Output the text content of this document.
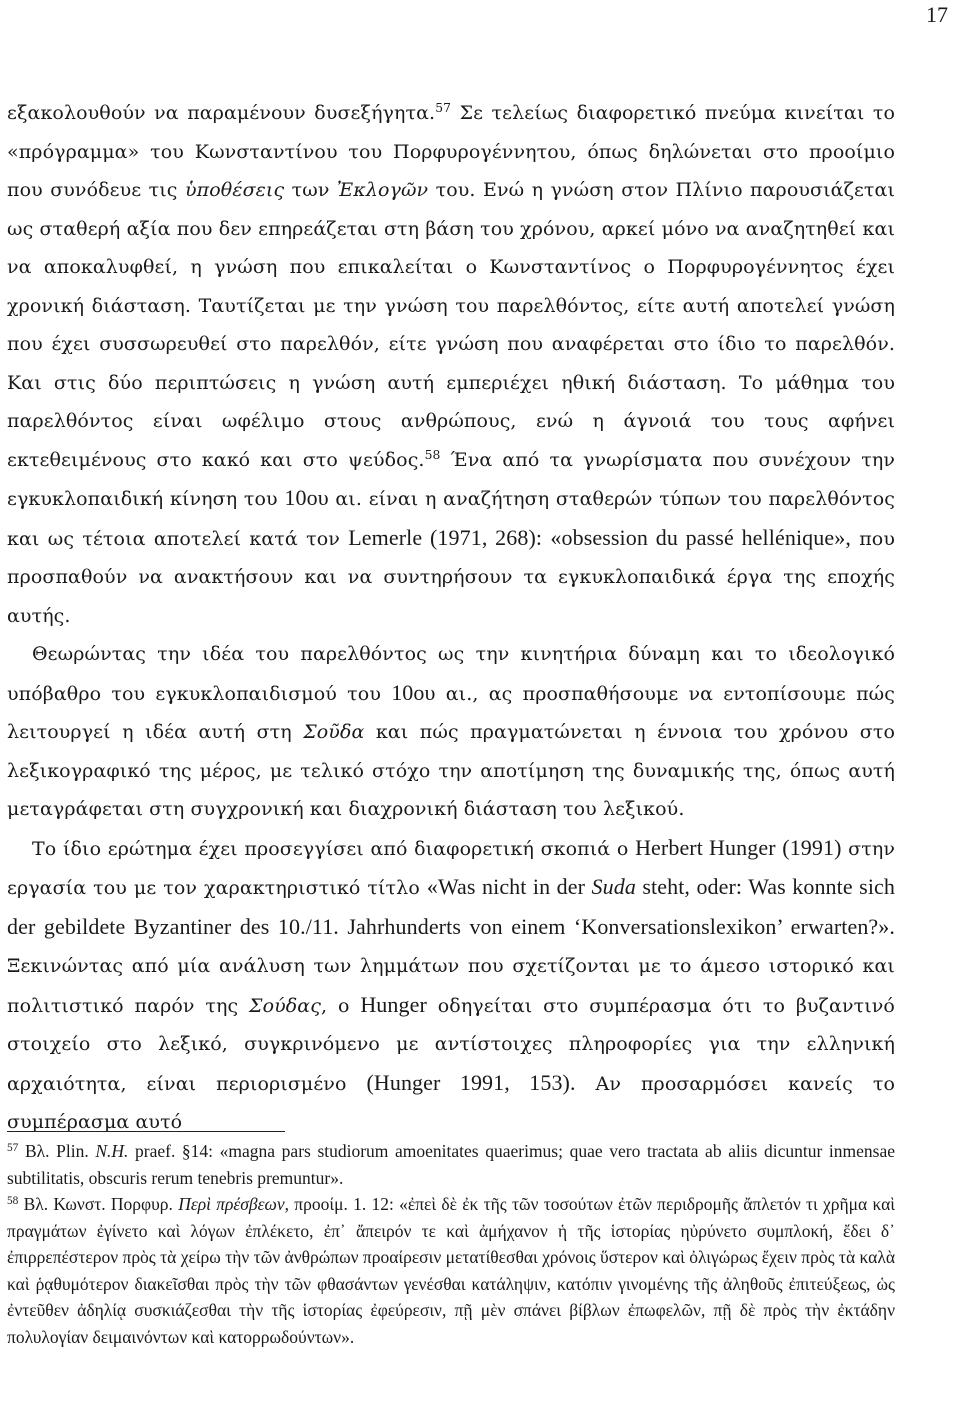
17

εξακολουθούν να παραμένουν δυσεξήγητα.$^{57}$ Σε τελείως διαφορετικό πνεύμα κινείται το «πρόγραμμα» του Κωνσταντίνου του Πορφυρογέννητου, όπως δηλώνεται στο προοίμιο που συνόδευε τις ὑποθέσεις των Ἐκλογῶν του. Ενώ η γνώση στον Πλίνιο παρουσιάζεται ως σταθερή αξία που δεν επηρεάζεται στη βάση του χρόνου, αρκεί μόνο να αναζητηθεί και να αποκαλυφθεί, η γνώση που επικαλείται ο Κωνσταντίνος ο Πορφυρογέννητος έχει χρονική διάσταση. Ταυτίζεται με την γνώση του παρελθόντος, είτε αυτή αποτελεί γνώση που έχει συσσωρευθεί στο παρελθόν, είτε γνώση που αναφέρεται στο ίδιο το παρελθόν. Και στις δύο περιπτώσεις η γνώση αυτή εμπεριέχει ηθική διάσταση. Το μάθημα του παρελθόντος είναι ωφέλιμο στους ανθρώπους, ενώ η άγνοιά του τους αφήνει εκτεθειμένους στο κακό και στο ψεύδος.$^{58}$ Ένα από τα γνωρίσματα που συνέχουν την εγκυκλοπαιδική κίνηση του 10ου αι. είναι η αναζήτηση σταθερών τύπων του παρελθόντος και ως τέτοια αποτελεί κατά τον Lemerle (1971, 268): «obsession du passé hellénique», που προσπαθούν να ανακτήσουν και να συντηρήσουν τα εγκυκλοπαιδικά έργα της εποχής αυτής.

Θεωρώντας την ιδέα του παρελθόντος ως την κινητήρια δύναμη και το ιδεολογικό υπόβαθρο του εγκυκλοπαιδισμού του 10ου αι., ας προσπαθήσουμε να εντοπίσουμε πώς λειτουργεί η ιδέα αυτή στη Σοῦδα και πώς πραγματώνεται η έννοια του χρόνου στο λεξικογραφικό της μέρος, με τελικό στόχο την αποτίμηση της δυναμικής της, όπως αυτή μεταγράφεται στη συγχρονική και διαχρονική διάσταση του λεξικού.

Το ίδιο ερώτημα έχει προσεγγίσει από διαφορετική σκοπιά ο Herbert Hunger (1991) στην εργασία του με τον χαρακτηριστικό τίτλο «Was nicht in der Suda steht, oder: Was konnte sich der gebildete Byzantiner des 10./11. Jahrhunderts von einem ‘Konversationslexikon’ erwarten?». Ξεκινώντας από μία ανάλυση των λημμάτων που σχετίζονται με το άμεσο ιστορικό και πολιτιστικό παρόν της Σούδας, ο Hunger οδηγείται στο συμπέρασμα ότι το βυζαντινό στοιχείο στο λεξικό, συγκρινόμενο με αντίστοιχες πληροφορίες για την ελληνική αρχαιότητα, είναι περιορισμένο (Hunger 1991, 153). Αν προσαρμόσει κανείς το συμπέρασμα αυτό

$^{57}$ Βλ. Plin. N.H. praef. §14: «magna pars studiorum amoenitates quaerimus; quae vero tractata ab aliis dicuntur inmensae subtilitatis, obscuris rerum tenebris premuntur».

$^{58}$ Βλ. Κωνστ. Πορφυρ. Περὶ πρέσβεων, προοίμ. 1. 12: «ἐπεὶ δὲ ἐκ τῆς τῶν τοσούτων ἐτῶν περιδρομῆς ἄπλετόν τι χρῆμα καὶ πραγμάτων ἐγίνετο καὶ λόγων ἐπλέκετο, ἐπ᾽ ἄπειρόν τε καὶ ἀμήχανον ἡ τῆς ἱστορίας ηὐρύνετο συμπλοκή, ἔδει δ᾽ ἐπιρρεπέστερον πρὸς τὰ χείρω τὴν τῶν ἀνθρώπων προαίρεσιν μετατίθεσθαι χρόνοις ὕστερον καὶ ὀλιγώρως ἔχειν πρὸς τὰ καλὰ καὶ ῥᾳθυμότερον διακεῖσθαι πρὸς τὴν τῶν φθασάντων γενέσθαι κατάληψιν, κατόπιν γινομένης τῆς ἀληθοῦς ἐπιτεύξεως, ὡς ἐντεῦθεν ἀδηλίᾳ συσκιάζεσθαι τὴν τῆς ἱστορίας ἐφεύρεσιν, πῇ μὲν σπάνει βίβλων ἐπωφελῶν, πῇ δὲ πρὸς τὴν ἐκτάδην πολυλογίαν δειμαινόντων καὶ κατορρωδούντων».
